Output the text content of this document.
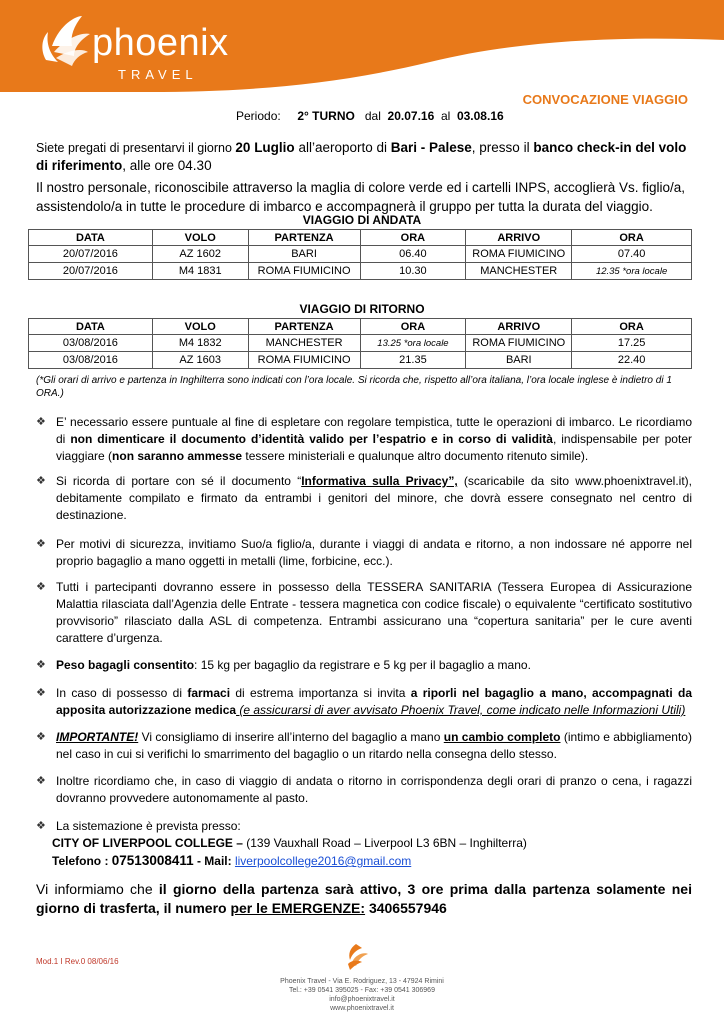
phoenix
TRAVEL
CONVOCAZIONE VIAGGIO
Periodo: 2° TURNO dal 20.07.16 al 03.08.16
Siete pregati di presentarvi il giorno 20 Luglio all’aeroporto di Bari - Palese, presso il banco check-in del volo di riferimento, alle ore 04.30
Il nostro personale, riconoscibile attraverso la maglia di colore verde ed i cartelli INPS, accoglierà Vs. figlio/a, assistendolo/a in tutte le procedure di imbarco e accompagnerà il gruppo per tutta la durata del viaggio.
VIAGGIO DI ANDATA
DATA	VOLO	PARTENZA	ORA	ARRIVO	ORA
20/07/2016	AZ 1602	BARI	06.40	ROMA FIUMICINO	07.40
20/07/2016	M4 1831	ROMA FIUMICINO	10.30	MANCHESTER	12.35 *ora locale
VIAGGIO DI RITORNO
DATA	VOLO	PARTENZA	ORA	ARRIVO	ORA
03/08/2016	M4 1832	MANCHESTER	13.25 *ora locale	ROMA FIUMICINO	17.25
03/08/2016	AZ 1603	ROMA FIUMICINO	21.35	BARI	22.40
(*Gli orari di arrivo e partenza in Inghilterra sono indicati con l’ora locale. Si ricorda che, rispetto all’ora italiana, l’ora locale inglese è indietro di 1 ORA.)
❖ E’ necessario essere puntuale al fine di espletare con regolare tempistica, tutte le operazioni di imbarco. Le ricordiamo di non dimenticare il documento d’identità valido per l’espatrio e in corso di validità, indispensabile per poter viaggiare (non saranno ammesse tessere ministeriali e qualunque altro documento ritenuto simile).
❖ Si ricorda di portare con sé il documento “Informativa sulla Privacy”, (scaricabile da sito www.phoenixtravel.it), debitamente compilato e firmato da entrambi i genitori del minore, che dovrà essere consegnato nel centro di destinazione.
❖ Per motivi di sicurezza, invitiamo Suo/a figlio/a, durante i viaggi di andata e ritorno, a non indossare né apporre nel proprio bagaglio a mano oggetti in metalli (lime, forbicine, ecc.).
❖ Tutti i partecipanti dovranno essere in possesso della TESSERA SANITARIA (Tessera Europea di Assicurazione Malattia rilasciata dall’Agenzia delle Entrate - tessera magnetica con codice fiscale) o equivalente “certificato sostitutivo provvisorio” rilasciato dalla ASL di competenza. Entrambi assicurano una “copertura sanitaria” per le cure aventi carattere d’urgenza.
❖ Peso bagagli consentito: 15 kg per bagaglio da registrare e 5 kg per il bagaglio a mano.
❖ In caso di possesso di farmaci di estrema importanza si invita a riporli nel bagaglio a mano, accompagnati da apposita autorizzazione medica (e assicurarsi di aver avvisato Phoenix Travel, come indicato nelle Informazioni Utili)
❖ IMPORTANTE! Vi consigliamo di inserire all’interno del bagaglio a mano un cambio completo (intimo e abbigliamento) nel caso in cui si verifichi lo smarrimento del bagaglio o un ritardo nella consegna dello stesso.
❖ Inoltre ricordiamo che, in caso di viaggio di andata o ritorno in corrispondenza degli orari di pranzo o cena, i ragazzi dovranno provvedere autonomamente al pasto.
❖ La sistemazione è prevista presso:
CITY OF LIVERPOOL COLLEGE – (139 Vauxhall Road – Liverpool L3 6BN – Inghilterra)
Telefono : 07513008411 - Mail: liverpoolcollege2016@gmail.com
Vi informiamo che il giorno della partenza sarà attivo, 3 ore prima dalla partenza solamente nei giorno di trasferta, il numero per le EMERGENZE: 3406557946
Mod.1 I Rev.0 08/06/16
Phoenix Travel - Via E. Rodriguez, 13 - 47924 Rimini
Tel.: +39 0541 395025 - Fax: +39 0541 306969
info@phoenixtravel.it
www.phoenixtravel.it
